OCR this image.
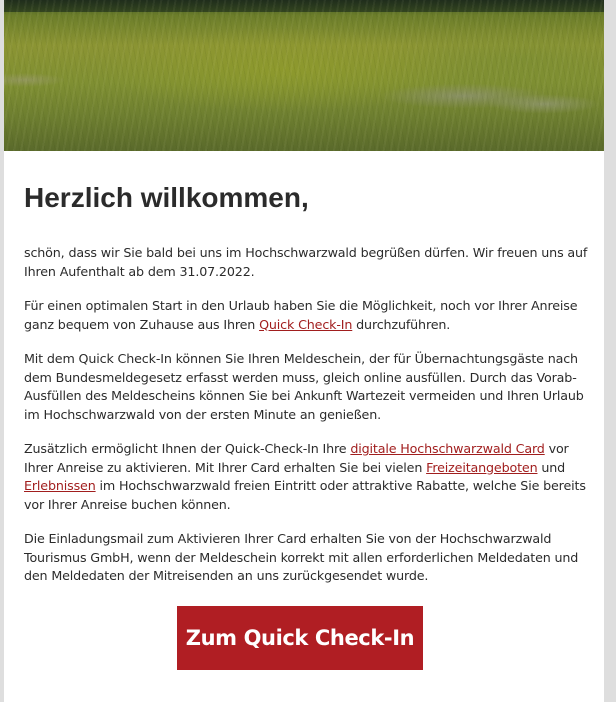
Herzlich willkommen,

schön, dass wir Sie bald bei uns im Hochschwarzwald begrüßen dürfen. Wir freuen uns auf Ihren Aufenthalt ab dem 31.07.2022.

Für einen optimalen Start in den Urlaub haben Sie die Möglichkeit, noch vor Ihrer Anreise ganz bequem von Zuhause aus Ihren Quick Check-In durchzuführen.

Mit dem Quick Check-In können Sie Ihren Meldeschein, der für Übernachtungsgäste nach dem Bundesmeldegesetz erfasst werden muss, gleich online ausfüllen. Durch das Vorab-Ausfüllen des Meldescheins können Sie bei Ankunft Wartezeit vermeiden und Ihren Urlaub im Hochschwarzwald von der ersten Minute an genießen.

Zusätzlich ermöglicht Ihnen der Quick-Check-In Ihre digitale Hochschwarzwald Card vor Ihrer Anreise zu aktivieren. Mit Ihrer Card erhalten Sie bei vielen Freizeitangeboten und Erlebnissen im Hochschwarzwald freien Eintritt oder attraktive Rabatte, welche Sie bereits vor Ihrer Anreise buchen können.

Die Einladungsmail zum Aktivieren Ihrer Card erhalten Sie von der Hochschwarzwald Tourismus GmbH, wenn der Meldeschein korrekt mit allen erforderlichen Meldedaten und den Meldedaten der Mitreisenden an uns zurückgesendet wurde.

Zum Quick Check-In
